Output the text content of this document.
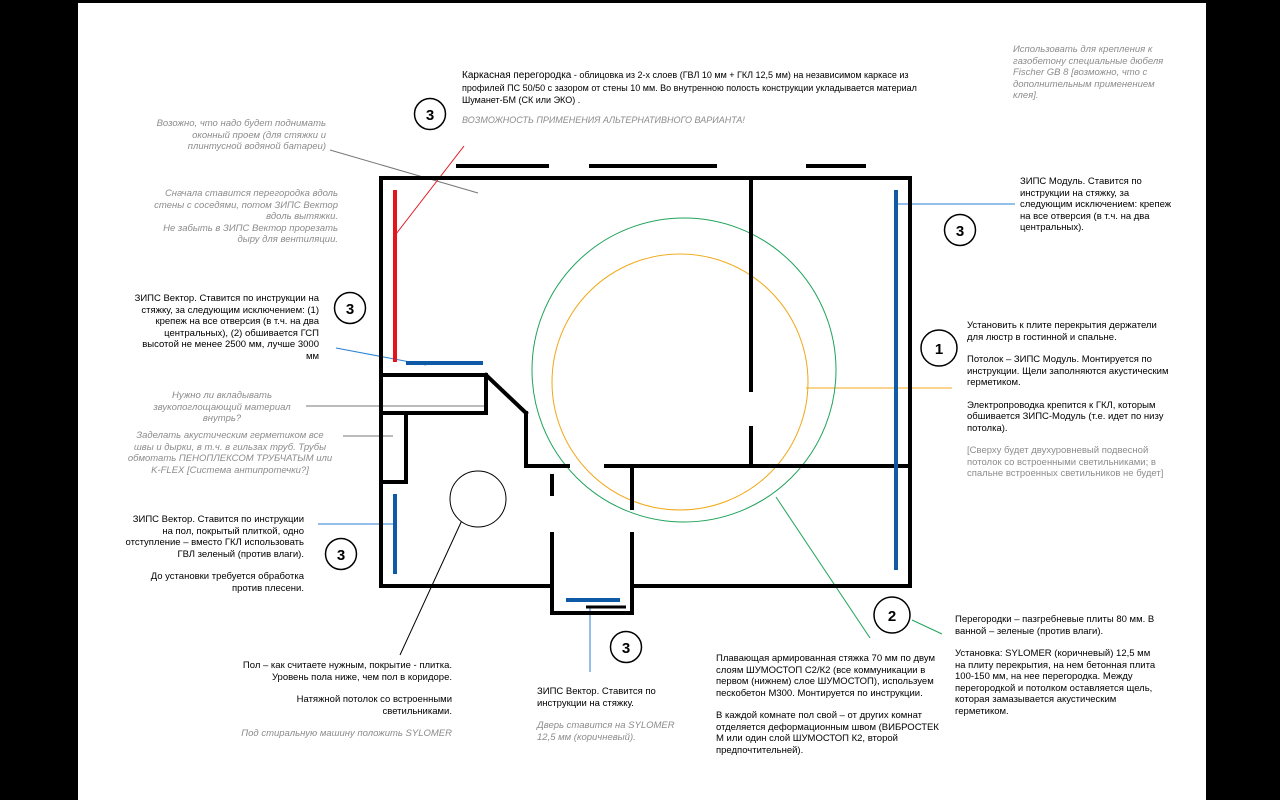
3
3
3
1
3
2
3

Каркасная перегородка - облицовка из 2-х слоев (ГВЛ 10 мм + ГКЛ 12,5 мм) на независимом каркасе из профилей ПС 50/50 с зазором от стены 10 мм. Во внутренною полость конструкции укладывается материал Шуманет-БМ (СК или ЭКО) .

ВОЗМОЖНОСТЬ ПРИМЕНЕНИЯ АЛЬТЕРНАТИВНОГО ВАРИАНТА!

Использовать для крепления к газобетону специальные дюбеля Fischer GB 8 [возможно, что с дополнительным применением клея].
Возожно, что надо будет поднимать оконный проем (для стяжки и плинтусной водяной батареи)

Сначала ставится перегородка вдоль стены с соседями, потом ЗИПС Вектор вдоль вытяжки.

Не забыть в ЗИПС Вектор прорезать дыру для вентиляции.

ЗИПС Модуль. Ставится по инструкции на стяжку, за следующим исключением: крепеж на все отверсия (в т.ч. на два центральных).
ЗИПС Вектор. Ставится по инструкции на стяжку, за следующим исключением: (1) крепеж на все отверсия (в т.ч. на два центральных), (2) обшивается ГСП высотой не менее 2500 мм, лучше 3000 мм

Установить к плите перекрытия держатели для люстр в гостинной и спальне.

Потолок – ЗИПС Модуль. Монтируется по инструкции. Щели заполняются акустическим герметиком.

Электропроводка крепится к ГКЛ, которым обшивается ЗИПС-Модуль (т.е. идет по низу потолка).

[Сверху будет двухуровневый подвесной потолок со встроенными светильниками; в спальне встроенных светильников не будет]

Нужно ли вкладывать звукопоглощающий материал внутрь?
Заделать акустическим герметиком все швы и дырки, в т.ч. в гильзах труб. Трубы обмотать ПЕНОПЛЕКСОМ ТРУБЧАТЫМ или K-FLEX [Система антипротечки?]

ЗИПС Вектор. Ставится по инструкции на пол, покрытый плиткой, одно отступление – вместо ГКЛ использовать ГВЛ зеленый (против влаги).

До установки требуется обработка против плесени.

Пол – как считаете нужным, покрытие - плитка. Уровень пола ниже, чем пол в коридоре.

Натяжной потолок со встроенными светильниками.

Под стиральную машину положить SYLOMER

ЗИПС Вектор. Ставится по инструкции на стяжку.

Дверь ставится на SYLOMER 12,5 мм (коричневый).

Плавающая армированная стяжка 70 мм по двум слоям ШУМОСТОП С2/К2 (все коммуникации в первом (нижнем) слое ШУМОСТОП), используем пескобетон М300. Монтируется по инструкции.

В каждой комнате пол свой – от других комнат отделяется деформационным швом (ВИБРОСТЕК М или один слой ШУМОСТОП К2, второй предпочтительней).

Перегородки – пазгребневые плиты 80 мм. В ванной – зеленые (против влаги).

Установка: SYLOMER (коричневый) 12,5 мм на плиту перекрытия, на нем бетонная плита 100-150 мм, на нее перегородка. Между перегородкой и потолком оставляется щель, которая замазывается акустическим герметиком.
